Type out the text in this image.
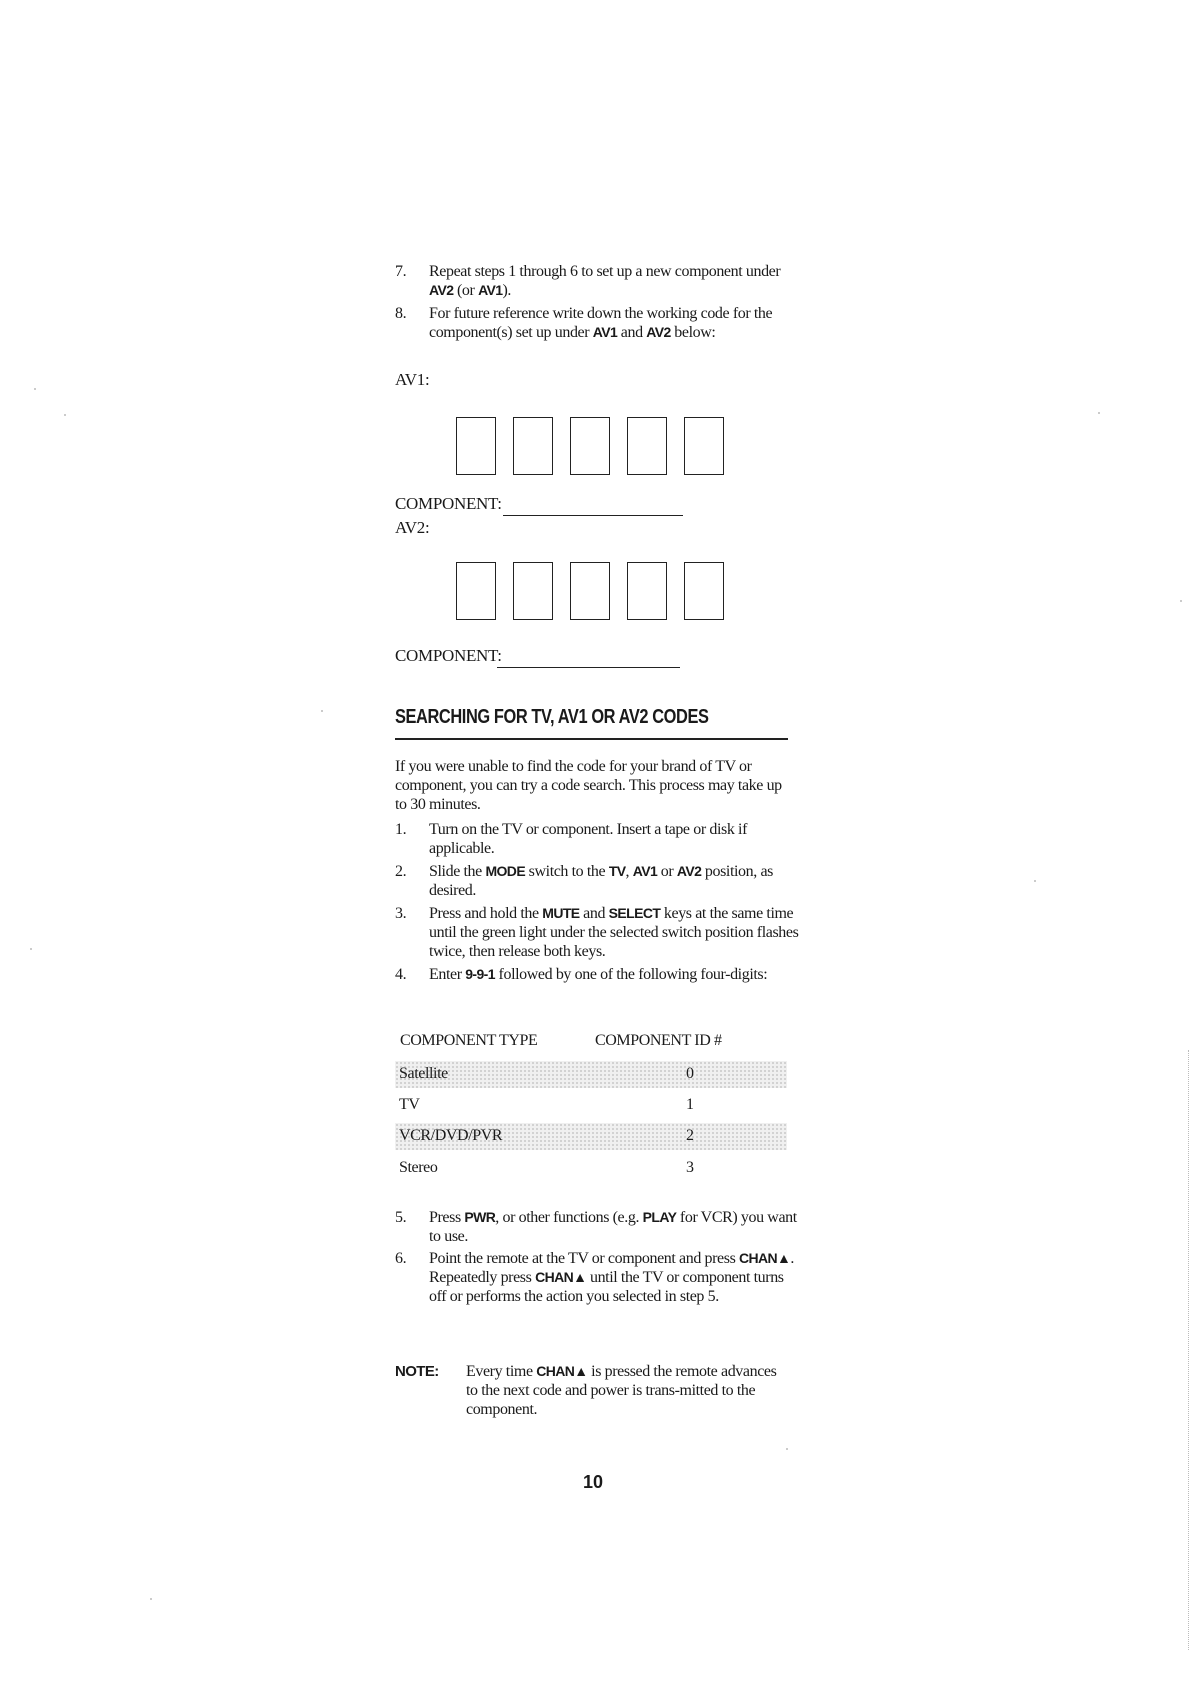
7. Repeat steps 1 through 6 to set up a new component under AV2 (or AV1).
8. For future reference write down the working code for the component(s) set up under AV1 and AV2 below:
AV1:
COMPONENT:
AV2:
COMPONENT:
SEARCHING FOR TV, AV1 OR AV2 CODES
If you were unable to find the code for your brand of TV or component, you can try a code search. This process may take up to 30 minutes.
1. Turn on the TV or component. Insert a tape or disk if applicable.
2. Slide the MODE switch to the TV, AV1 or AV2 position, as desired.
3. Press and hold the MUTE and SELECT keys at the same time until the green light under the selected switch position flashes twice, then release both keys.
4. Enter 9-9-1 followed by one of the following four-digits:
COMPONENT TYPE	COMPONENT ID #
Satellite	0
TV	1
VCR/DVD/PVR	2
Stereo	3
5. Press PWR, or other functions (e.g. PLAY for VCR) you want to use.
6. Point the remote at the TV or component and press CHAN▲. Repeatedly press CHAN▲ until the TV or component turns off or performs the action you selected in step 5.
NOTE: Every time CHAN▲ is pressed the remote advances to the next code and power is trans-mitted to the component.
10
